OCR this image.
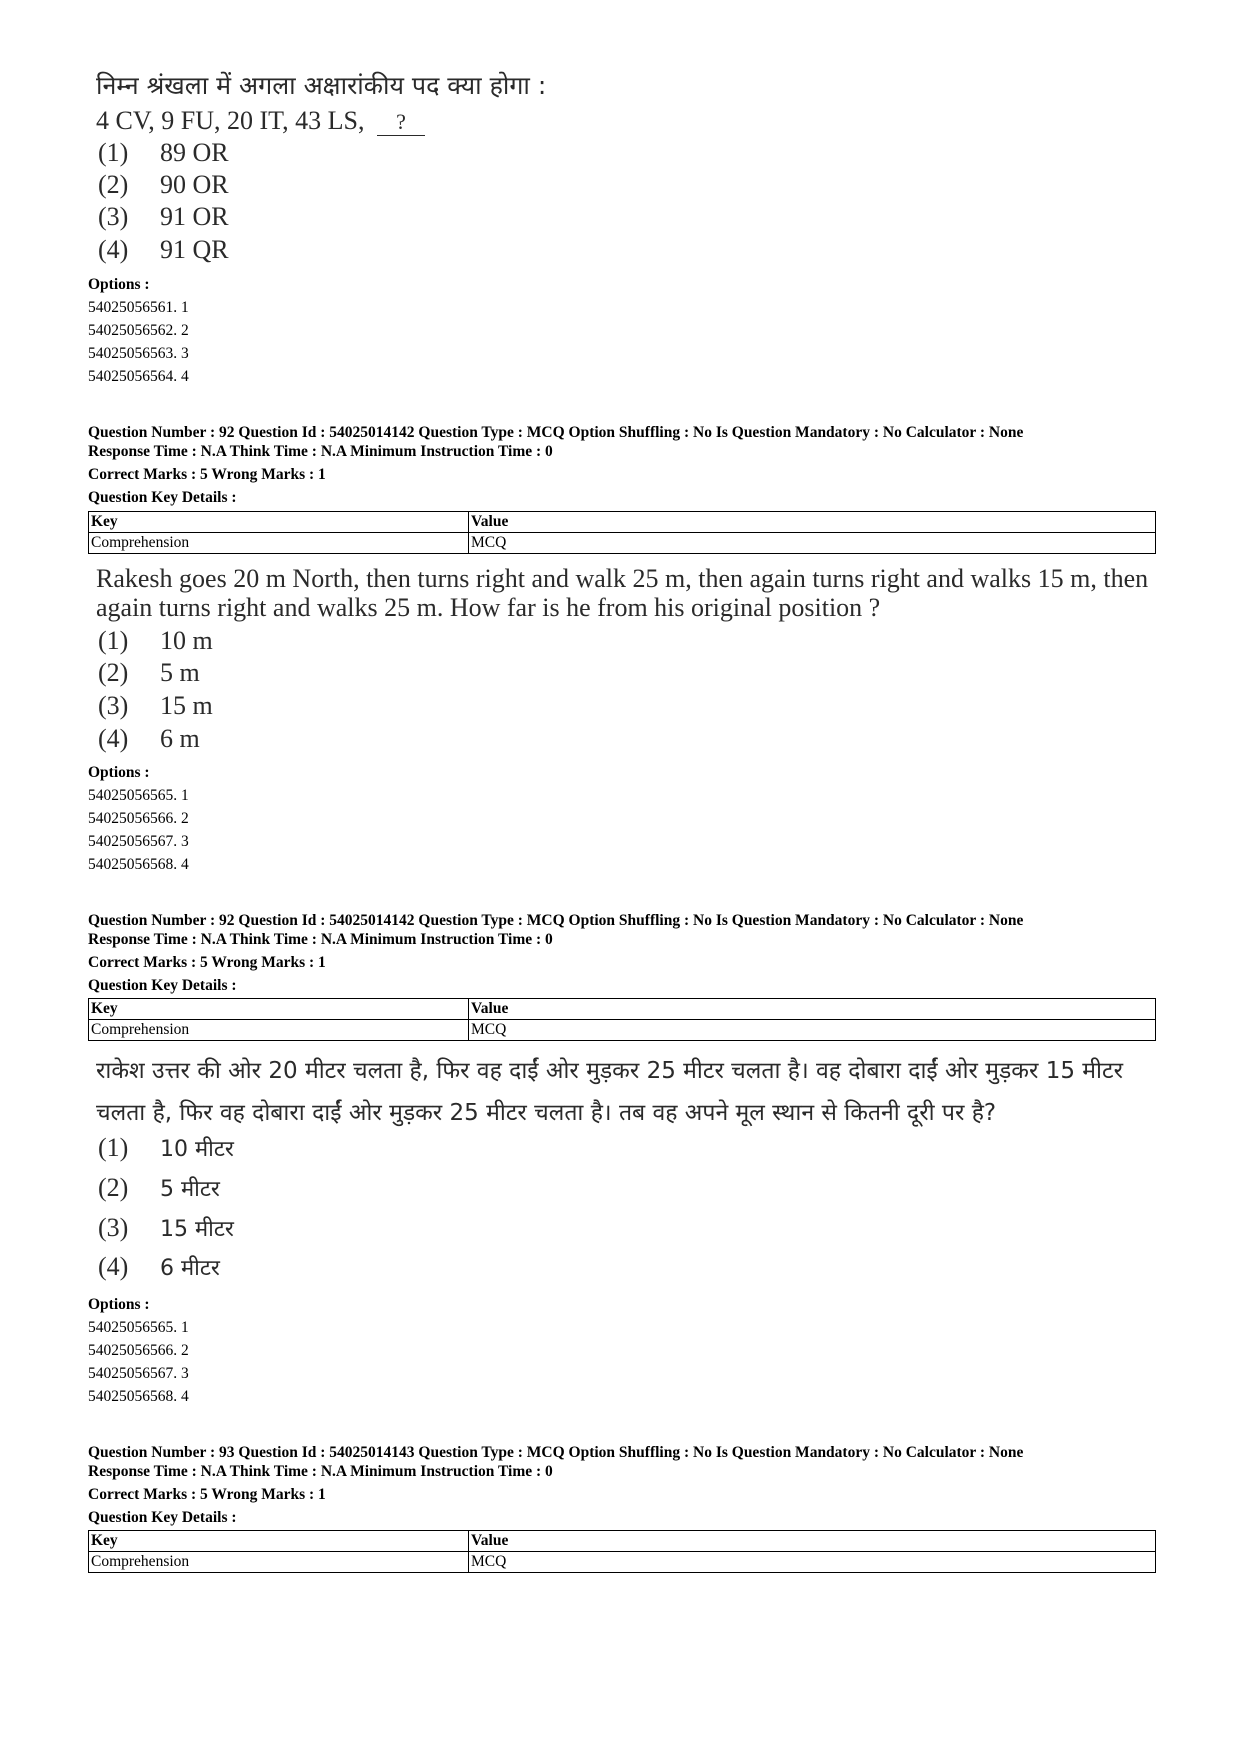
निम्न श्रंखला में अगला अक्षारांकीय पद क्या होगा :
4 CV, 9 FU, 20 IT, 43 LS, ?
(1) 89 OR
(2) 90 OR
(3) 91 OR
(4) 91 QR
Options :
54025056561. 1
54025056562. 2
54025056563. 3
54025056564. 4
Question Number : 92 Question Id : 54025014142 Question Type : MCQ Option Shuffling : No Is Question Mandatory : No Calculator : None
Response Time : N.A Think Time : N.A Minimum Instruction Time : 0
Correct Marks : 5 Wrong Marks : 1
Question Key Details :
Key	Value
Comprehension	MCQ
Rakesh goes 20 m North, then turns right and walk 25 m, then again turns right and walks 15 m, then again turns right and walks 25 m. How far is he from his original position ?
(1) 10 m
(2) 5 m
(3) 15 m
(4) 6 m
Options :
54025056565. 1
54025056566. 2
54025056567. 3
54025056568. 4
Question Number : 92 Question Id : 54025014142 Question Type : MCQ Option Shuffling : No Is Question Mandatory : No Calculator : None
Response Time : N.A Think Time : N.A Minimum Instruction Time : 0
Correct Marks : 5 Wrong Marks : 1
Question Key Details :
Key	Value
Comprehension	MCQ
राकेश उत्तर की ओर 20 मीटर चलता है, फिर वह दाईं ओर मुड़कर 25 मीटर चलता है। वह दोबारा दाईं ओर मुड़कर 15 मीटर चलता है, फिर वह दोबारा दाईं ओर मुड़कर 25 मीटर चलता है। तब वह अपने मूल स्थान से कितनी दूरी पर है?
(1) 10 मीटर
(2) 5 मीटर
(3) 15 मीटर
(4) 6 मीटर
Options :
54025056565. 1
54025056566. 2
54025056567. 3
54025056568. 4
Question Number : 93 Question Id : 54025014143 Question Type : MCQ Option Shuffling : No Is Question Mandatory : No Calculator : None
Response Time : N.A Think Time : N.A Minimum Instruction Time : 0
Correct Marks : 5 Wrong Marks : 1
Question Key Details :
Key	Value
Comprehension	MCQ
